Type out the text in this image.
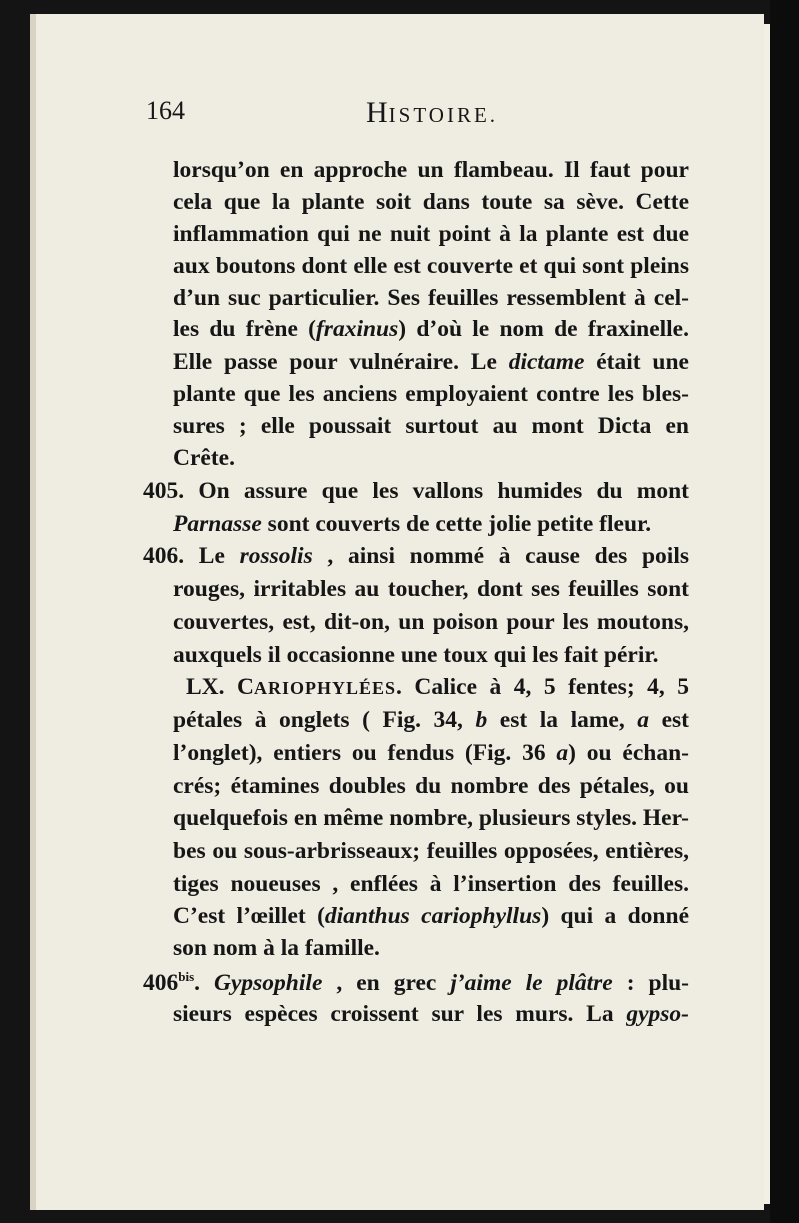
164	HISTOIRE.
lorsqu’on en approche un flambeau. Il faut pour
cela que la plante soit dans toute sa sève. Cette
inflammation qui ne nuit point à la plante est due
aux boutons dont elle est couverte et qui sont pleins
d’un suc particulier. Ses feuilles ressemblent à cel-
les du frène (fraxinus) d’où le nom de fraxinelle.
Elle passe pour vulnéraire. Le dictame était une
plante que les anciens employaient contre les bles-
sures ; elle poussait surtout au mont Dicta en
Crête.
405. On assure que les vallons humides du mont
Parnasse sont couverts de cette jolie petite fleur.
406. Le rossolis , ainsi nommé à cause des poils
rouges, irritables au toucher, dont ses feuilles sont
couvertes, est, dit-on, un poison pour les moutons,
auxquels il occasionne une toux qui les fait périr.
LX. CARIOPHYLÉES. Calice à 4, 5 fentes; 4, 5
pétales à onglets ( Fig. 34, b est la lame, a est
l’onglet), entiers ou fendus (Fig. 36 a) ou échan-
crés; étamines doubles du nombre des pétales, ou
quelquefois en même nombre, plusieurs styles. Her-
bes ou sous-arbrisseaux; feuilles opposées, entières,
tiges noueuses , enflées à l’insertion des feuilles.
C’est l’œillet (dianthus cariophyllus) qui a donné
son nom à la famille.
$406^{bis}$. Gypsophile , en grec j’aime le plâtre : plu-
sieurs espèces croissent sur les murs. La gypso-
